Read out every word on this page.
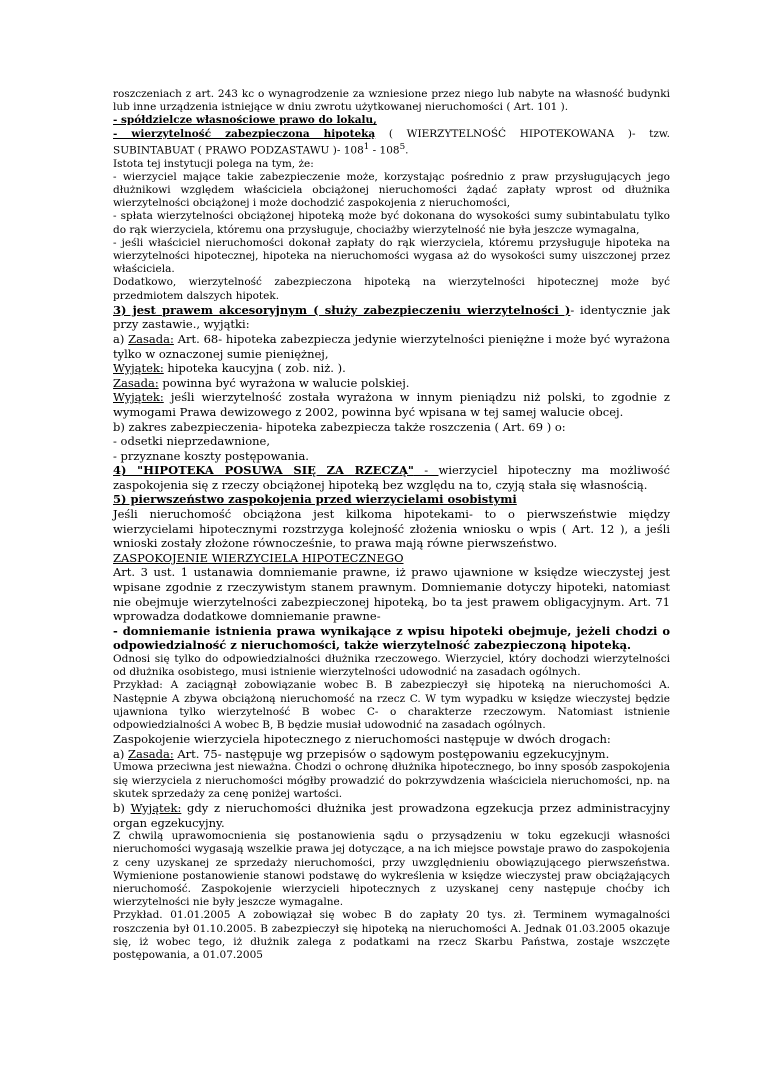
roszczeniach z art. 243 kc o wynagrodzenie za wzniesione przez niego lub nabyte na własność budynki lub inne urządzenia istniejące w dniu zwrotu użytkowanej nieruchomości ( Art. 101 ).

- spółdzielcze własnościowe prawo do lokalu,

- wierzytelność zabezpieczona hipoteką ( WIERZYTELNOŚĆ HIPOTEKOWANA )- tzw. SUBINTABUAT ( PRAWO PODZASTAWU )- $108^1 - 108^5$.

Istota tej instytucji polega na tym, że:

- wierzyciel mające takie zabezpieczenie może, korzystając pośrednio z praw przysługujących jego dłużnikowi względem właściciela obciążonej nieruchomości żądać zapłaty wprost od dłużnika wierzytelności obciążonej i może dochodzić zaspokojenia z nieruchomości,

- spłata wierzytelności obciążonej hipoteką może być dokonana do wysokości sumy subintabulatu tylko do rąk wierzyciela, któremu ona przysługuje, chociażby wierzytelność nie była jeszcze wymagalna,

- jeśli właściciel nieruchomości dokonał zapłaty do rąk wierzyciela, któremu przysługuje hipoteka na wierzytelności hipotecznej, hipoteka na nieruchomości wygasa aż do wysokości sumy uiszczonej przez właściciela.

Dodatkowo, wierzytelność zabezpieczona hipoteką na wierzytelności hipotecznej może być przedmiotem dalszych hipotek.

3) jest prawem akcesoryjnym ( służy zabezpieczeniu wierzytelności )- identycznie jak przy zastawie., wyjątki:

a) Zasada: Art. 68- hipoteka zabezpiecza jedynie wierzytelności pieniężne i może być wyrażona tylko w oznaczonej sumie pieniężnej,

Wyjątek: hipoteka kaucyjna ( zob. niż. ).

Zasada: powinna być wyrażona w walucie polskiej.

Wyjątek: jeśli wierzytelność została wyrażona w innym pieniądzu niż polski, to zgodnie z wymogami Prawa dewizowego z 2002, powinna być wpisana w tej samej walucie obcej.

b) zakres zabezpieczenia- hipoteka zabezpiecza także roszczenia ( Art. 69 ) o:

- odsetki nieprzedawnione,

- przyznane koszty postępowania.

4) "HIPOTEKA POSUWA SIĘ ZA RZECZĄ" - wierzyciel hipoteczny ma możliwość zaspokojenia się z rzeczy obciążonej hipoteką bez względu na to, czyją stała się własnością.

5) pierwszeństwo zaspokojenia przed wierzycielami osobistymi

Jeśli nieruchomość obciążona jest kilkoma hipotekami- to o pierwszeństwie między wierzycielami hipotecznymi rozstrzyga kolejność złożenia wniosku o wpis ( Art. 12 ), a jeśli wnioski zostały złożone równocześnie, to prawa mają równe pierwszeństwo.

ZASPOKOJENIE WIERZYCIELA HIPOTECZNEGO

Art. 3 ust. 1 ustanawia domniemanie prawne, iż prawo ujawnione w księdze wieczystej jest wpisane zgodnie z rzeczywistym stanem prawnym. Domniemanie dotyczy hipoteki, natomiast nie obejmuje wierzytelności zabezpieczonej hipoteką, bo ta jest prawem obligacyjnym. Art. 71 wprowadza dodatkowe domniemanie prawne-

- domniemanie istnienia prawa wynikające z wpisu hipoteki obejmuje, jeżeli chodzi o odpowiedzialność z nieruchomości, także wierzytelność zabezpieczoną hipoteką.

Odnosi się tylko do odpowiedzialności dłużnika rzeczowego. Wierzyciel, który dochodzi wierzytelności od dłużnika osobistego, musi istnienie wierzytelności udowodnić na zasadach ogólnych.

Przykład: A zaciągnął zobowiązanie wobec B. B zabezpieczył się hipoteką na nieruchomości A. Następnie A zbywa obciążoną nieruchomość na rzecz C. W tym wypadku w księdze wieczystej będzie ujawniona tylko wierzytelność B wobec C- o charakterze rzeczowym. Natomiast istnienie odpowiedzialności A wobec B, B będzie musiał udowodnić na zasadach ogólnych.

Zaspokojenie wierzyciela hipotecznego z nieruchomości następuje w dwóch drogach:

a) Zasada: Art. 75- następuje wg przepisów o sądowym postępowaniu egzekucyjnym.

Umowa przeciwna jest nieważna. Chodzi o ochronę dłużnika hipotecznego, bo inny sposób zaspokojenia się wierzyciela z nieruchomości mógłby prowadzić do pokrzywdzenia właściciela nieruchomości, np. na skutek sprzedaży za cenę poniżej wartości.

b) Wyjątek: gdy z nieruchomości dłużnika jest prowadzona egzekucja przez administracyjny organ egzekucyjny.

Z chwilą uprawomocnienia się postanowienia sądu o przysądzeniu w toku egzekucji własności nieruchomości wygasają wszelkie prawa jej dotyczące, a na ich miejsce powstaje prawo do zaspokojenia z ceny uzyskanej ze sprzedaży nieruchomości, przy uwzględnieniu obowiązującego pierwszeństwa. Wymienione postanowienie stanowi podstawę do wykreślenia w księdze wieczystej praw obciążających nieruchomość. Zaspokojenie wierzycieli hipotecznych z uzyskanej ceny następuje choćby ich wierzytelności nie były jeszcze wymagalne.

Przykład. 01.01.2005 A zobowiązał się wobec B do zapłaty 20 tys. zł. Terminem wymagalności roszczenia był 01.10.2005. B zabezpieczył się hipoteką na nieruchomości A. Jednak 01.03.2005 okazuje się, iż wobec tego, iż dłużnik zalega z podatkami na rzecz Skarbu Państwa, zostaje wszczęte postępowania, a 01.07.2005
